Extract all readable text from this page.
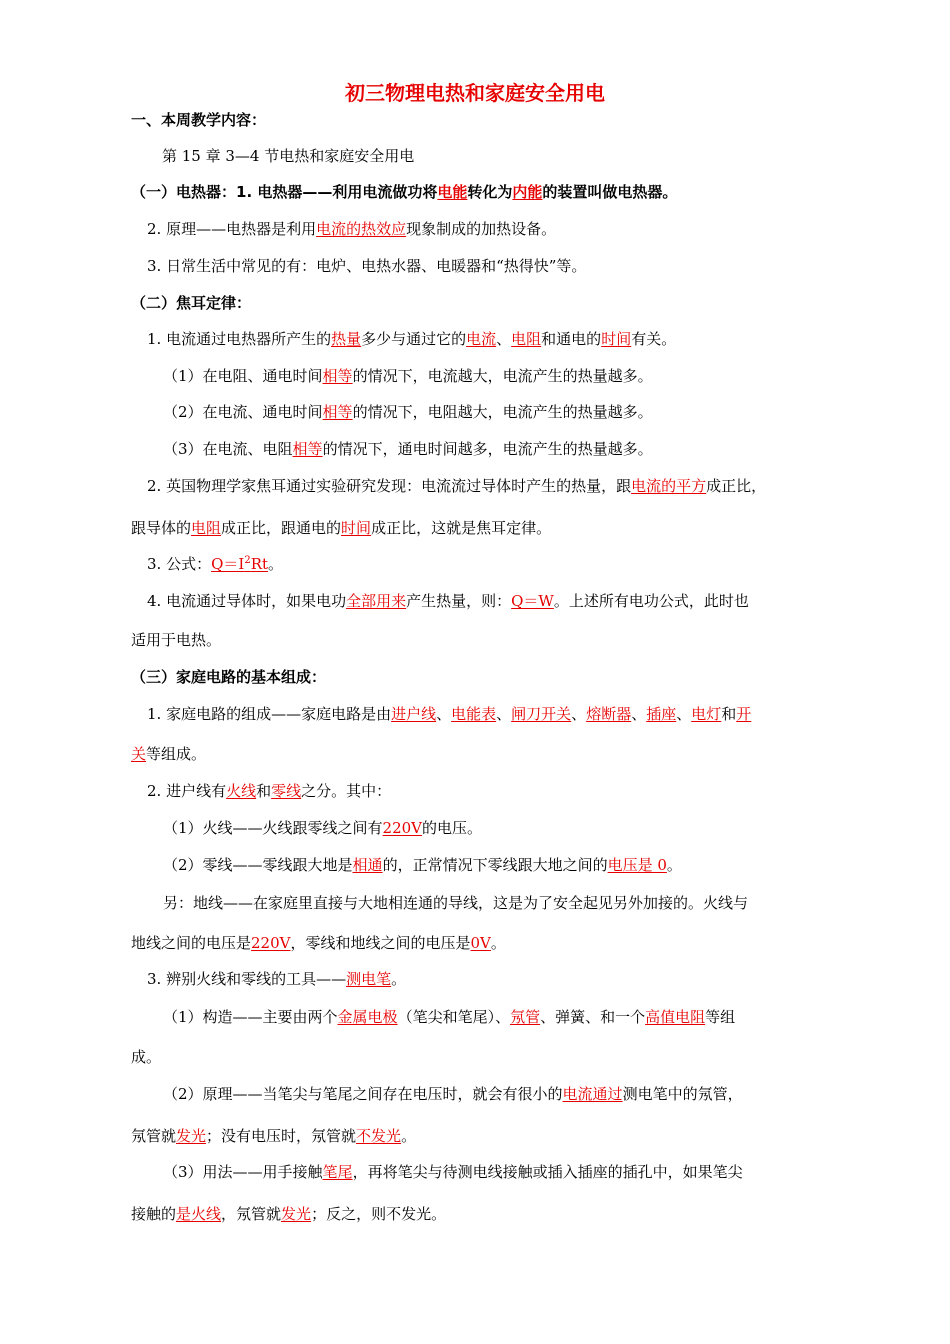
初三物理电热和家庭安全用电
一、本周教学内容：
第 15 章 3—4 节电热和家庭安全用电
（一）电热器：1. 电热器——利用电流做功将电能转化为内能的装置叫做电热器。
2. 原理——电热器是利用电流的热效应现象制成的加热设备。
3. 日常生活中常见的有：电炉、电热水器、电暖器和“热得快”等。
（二）焦耳定律：
1. 电流通过电热器所产生的热量多少与通过它的电流、电阻和通电的时间有关。
（1）在电阻、通电时间相等的情况下，电流越大，电流产生的热量越多。
（2）在电流、通电时间相等的情况下，电阻越大，电流产生的热量越多。
（3）在电流、电阻相等的情况下，通电时间越多，电流产生的热量越多。
2. 英国物理学家焦耳通过实验研究发现：电流流过导体时产生的热量，跟电流的平方成正比，
跟导体的电阻成正比，跟通电的时间成正比，这就是焦耳定律。
3. 公式：$Q=I^2Rt$。
4. 电流通过导体时，如果电功全部用来产生热量，则：Q＝W。上述所有电功公式，此时也
适用于电热。
（三）家庭电路的基本组成：
1. 家庭电路的组成——家庭电路是由进户线、电能表、闸刀开关、熔断器、插座、电灯和开
关等组成。
2. 进户线有火线和零线之分。其中：
（1）火线——火线跟零线之间有220V的电压。
（2）零线——零线跟大地是相通的，正常情况下零线跟大地之间的电压是 0。
另：地线——在家庭里直接与大地相连通的导线，这是为了安全起见另外加接的。火线与
地线之间的电压是220V，零线和地线之间的电压是0V。
3. 辨别火线和零线的工具——测电笔。
（1）构造——主要由两个金属电极（笔尖和笔尾）、氖管、弹簧、和一个高值电阻等组
成。
（2）原理——当笔尖与笔尾之间存在电压时，就会有很小的电流通过测电笔中的氖管，
氖管就发光；没有电压时，氖管就不发光。
（3）用法——用手接触笔尾，再将笔尖与待测电线接触或插入插座的插孔中，如果笔尖
接触的是火线，氖管就发光；反之，则不发光。
